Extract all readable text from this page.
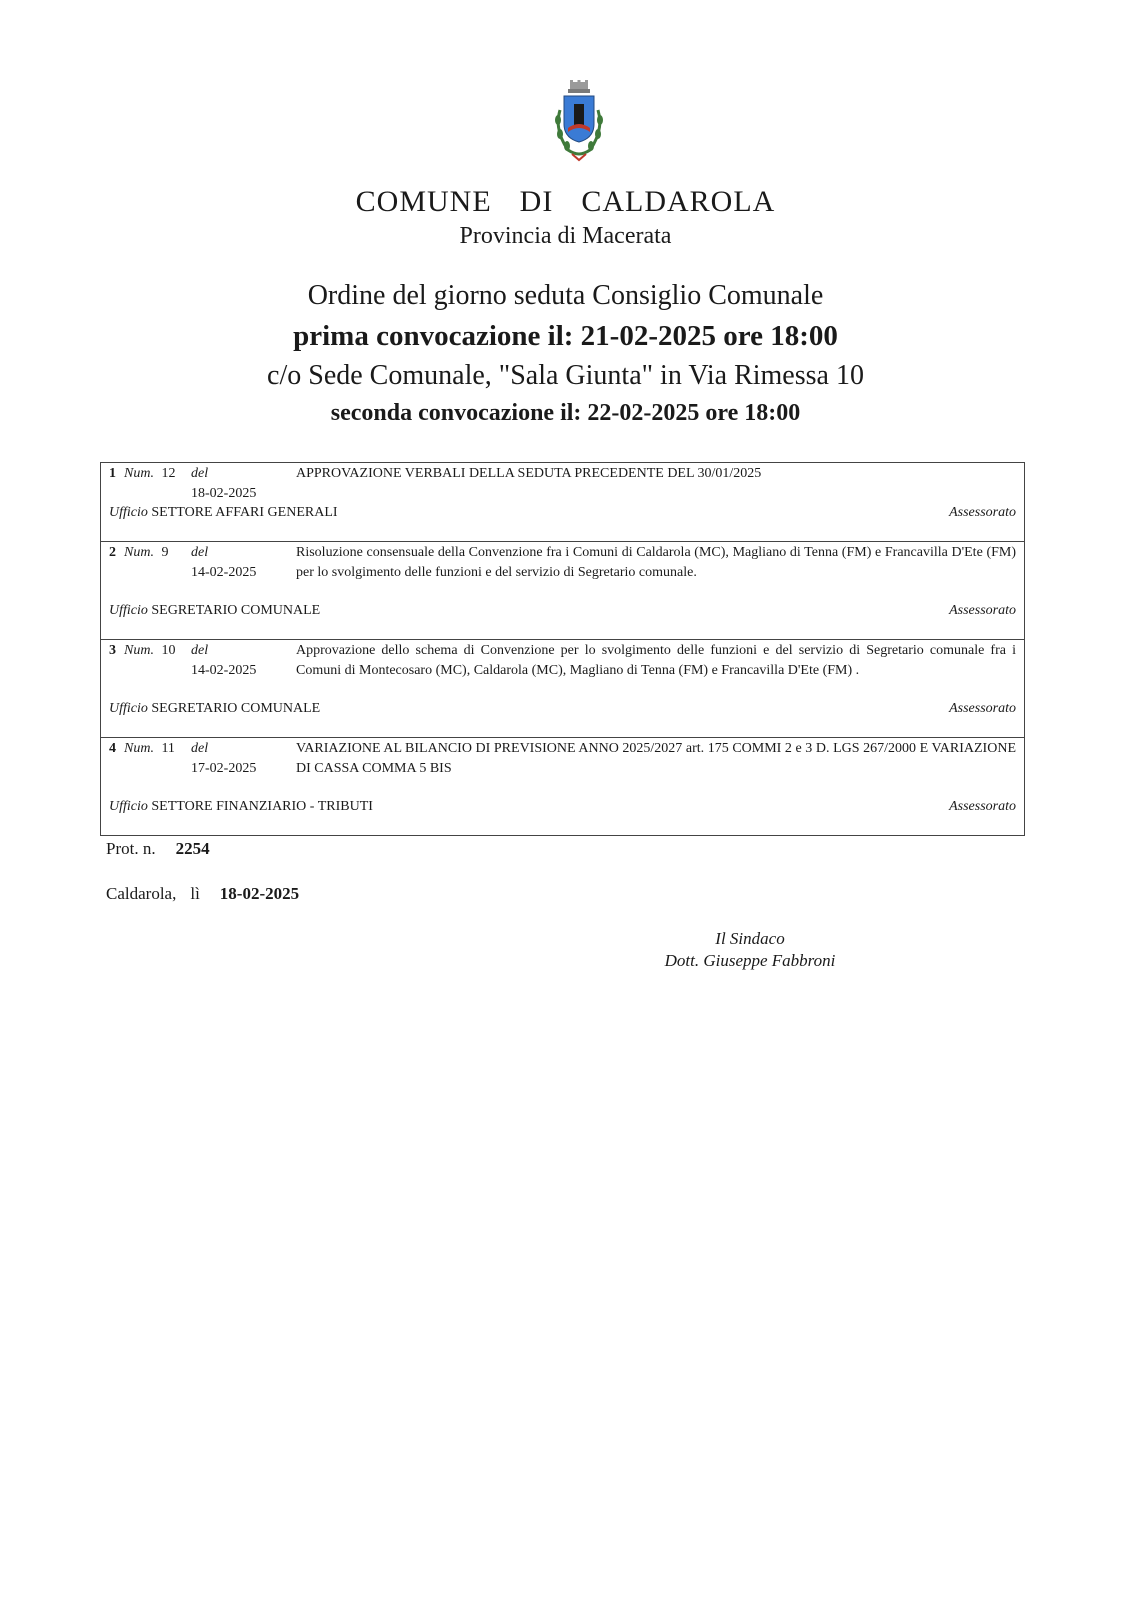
COMUNE DI CALDAROLA
Provincia di Macerata
Ordine del giorno seduta Consiglio Comunale
prima convocazione il: 21-02-2025 ore 18:00
c/o Sede Comunale, "Sala Giunta" in Via Rimessa 10
seconda convocazione il: 22-02-2025 ore 18:00
1 Num. 12 del
18-02-2025
APPROVAZIONE VERBALI DELLA SEDUTA PRECEDENTE DEL 30/01/2025
Ufficio SETTORE AFFARI GENERALI	Assessorato
2 Num. 9 del
14-02-2025
Risoluzione consensuale della Convenzione fra i Comuni di Caldarola (MC), Magliano di Tenna (FM) e Francavilla D'Ete (FM) per lo svolgimento delle funzioni e del servizio di Segretario comunale.
Ufficio SEGRETARIO COMUNALE	Assessorato
3 Num. 10 del
14-02-2025
Approvazione dello schema di Convenzione per lo svolgimento delle funzioni e del servizio di Segretario comunale fra i Comuni di Montecosaro (MC), Caldarola (MC), Magliano di Tenna (FM) e Francavilla D'Ete (FM) .
Ufficio SEGRETARIO COMUNALE	Assessorato
4 Num. 11 del
17-02-2025
VARIAZIONE AL BILANCIO DI PREVISIONE ANNO 2025/2027 art. 175 COMMI 2 e 3 D. LGS 267/2000 E VARIAZIONE DI CASSA COMMA 5 BIS
Ufficio SETTORE FINANZIARIO - TRIBUTI	Assessorato
Prot. n. 2254
Caldarola, lì 18-02-2025
Il Sindaco
Dott. Giuseppe Fabbroni
